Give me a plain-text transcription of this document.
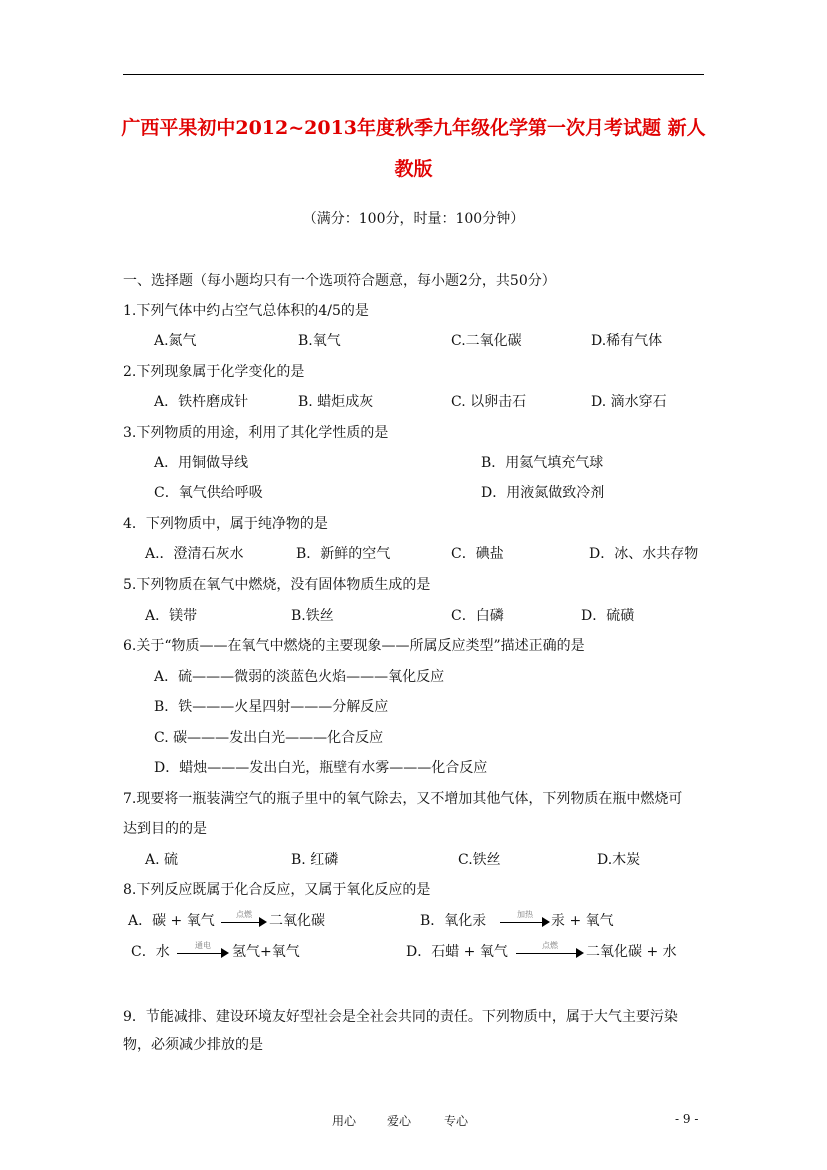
广西平果初中2012~2013年度秋季九年级化学第一次月考试题 新人
教版
（满分：100分，时量：100分钟）
一、选择题（每小题均只有一个选项符合题意，每小题2分，共50分）
1.下列气体中约占空气总体积的4/5的是
A.氮气	B.氧气	C.二氧化碳	D.稀有气体
2.下列现象属于化学变化的是
A．铁杵磨成针	B. 蜡炬成灰	C. 以卵击石	D. 滴水穿石
3.下列物质的用途，利用了其化学性质的是
A．用铜做导线	B．用氦气填充气球
C．氧气供给呼吸	D．用液氮做致冷剂
4．下列物质中，属于纯净物的是
A.．澄清石灰水	B．新鲜的空气	C．碘盐	D．冰、水共存物
5.下列物质在氧气中燃烧，没有固体物质生成的是
A．镁带	B.铁丝	C．白磷	D．硫磺
6.关于“物质——在氧气中燃烧的主要现象——所属反应类型”描述正确的是
A．硫———微弱的淡蓝色火焰———氧化反应
B．铁———火星四射———分解反应
C. 碳———发出白光———化合反应
D．蜡烛———发出白光，瓶壁有水雾———化合反应
7.现要将一瓶装满空气的瓶子里中的氧气除去，又不增加其他气体，下列物质在瓶中燃烧可
达到目的的是
A. 硫	B. 红磷	C.铁丝	D.木炭
8.下列反应既属于化合反应，又属于氧化反应的是
A．碳 + 氧气	点燃	二氧化碳	B．氧化汞	加热	汞 + 氧气
C．水	通电	氢气+氧气	D．石蜡 + 氧气	点燃	二氧化碳 + 水
9．节能减排、建设环境友好型社会是全社会共同的责任。下列物质中，属于大气主要污染
物，必须减少排放的是
用心	爱心	专心	- 9 -
